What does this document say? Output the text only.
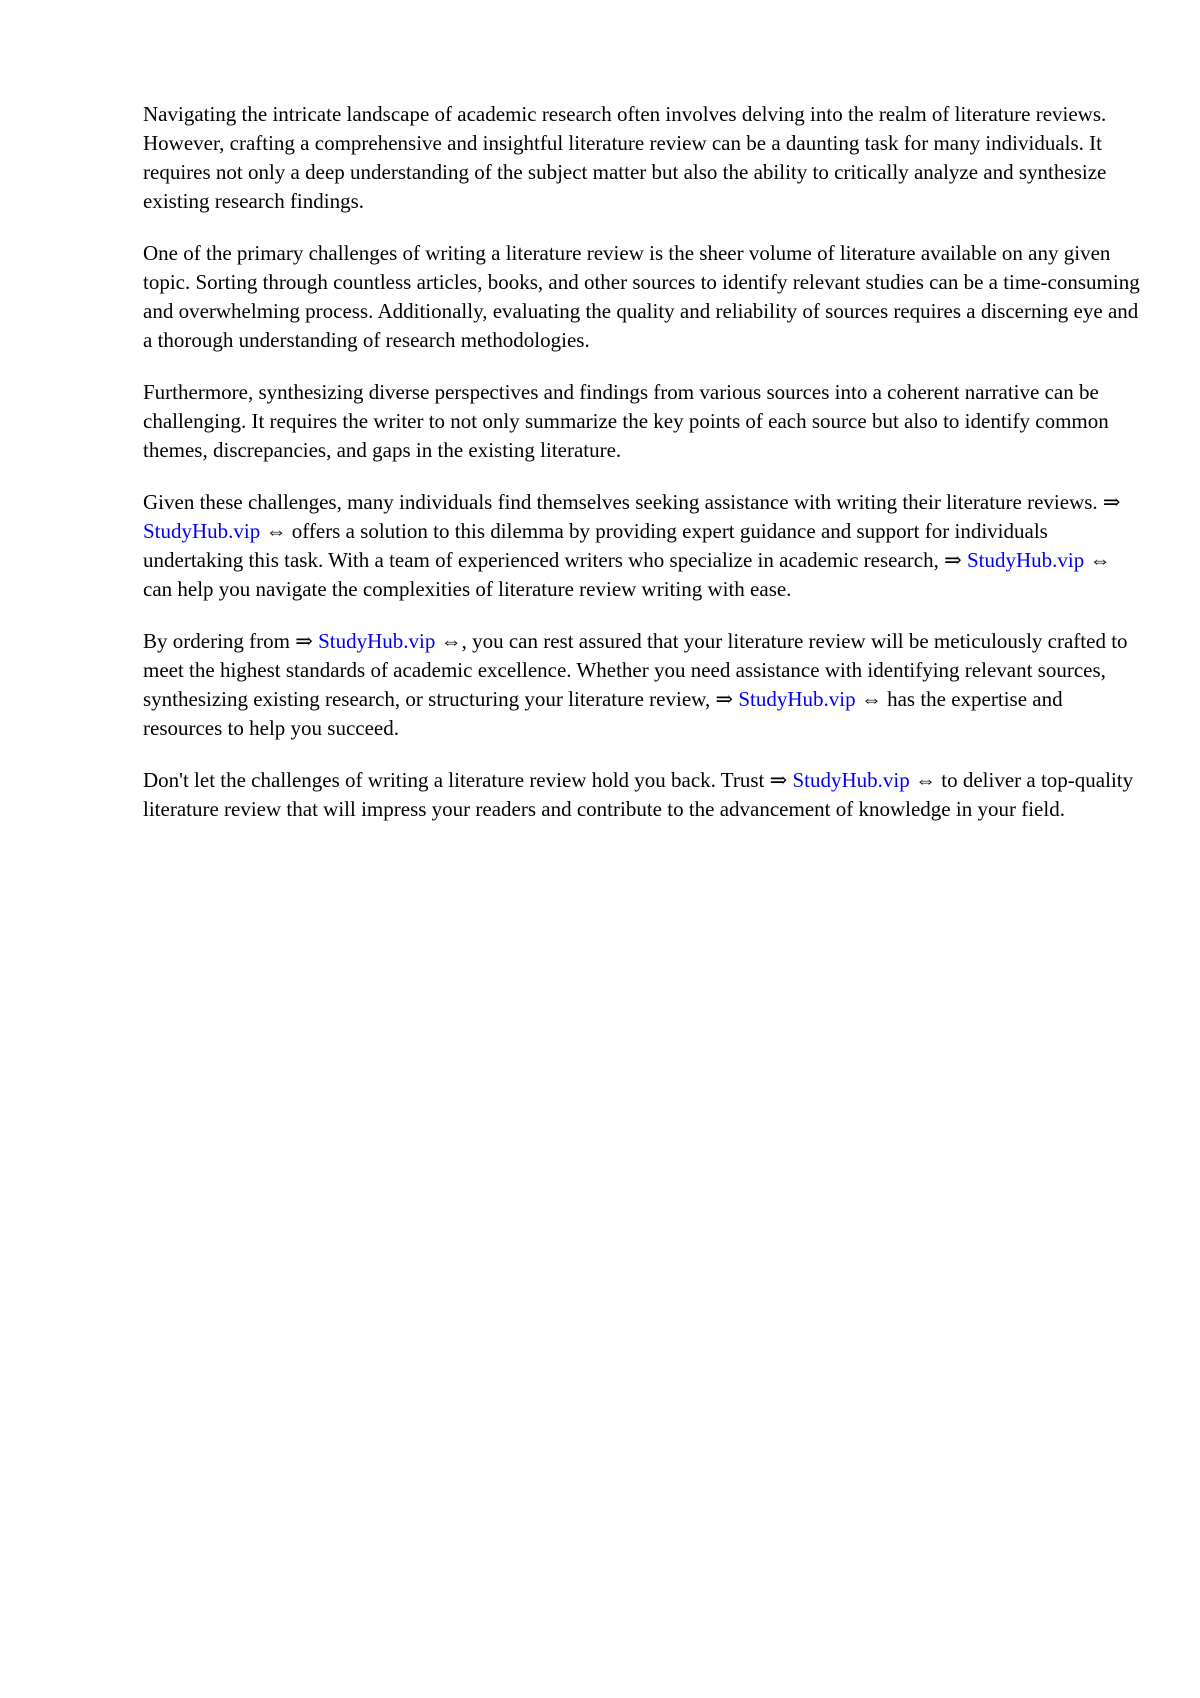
Navigating the intricate landscape of academic research often involves delving into the realm of literature reviews. However, crafting a comprehensive and insightful literature review can be a daunting task for many individuals. It requires not only a deep understanding of the subject matter but also the ability to critically analyze and synthesize existing research findings.

One of the primary challenges of writing a literature review is the sheer volume of literature available on any given topic. Sorting through countless articles, books, and other sources to identify relevant studies can be a time-consuming and overwhelming process. Additionally, evaluating the quality and reliability of sources requires a discerning eye and a thorough understanding of research methodologies.

Furthermore, synthesizing diverse perspectives and findings from various sources into a coherent narrative can be challenging. It requires the writer to not only summarize the key points of each source but also to identify common themes, discrepancies, and gaps in the existing literature.

Given these challenges, many individuals find themselves seeking assistance with writing their literature reviews. ⇒ StudyHub.vip ⇔ offers a solution to this dilemma by providing expert guidance and support for individuals undertaking this task. With a team of experienced writers who specialize in academic research, ⇒ StudyHub.vip ⇔ can help you navigate the complexities of literature review writing with ease.

By ordering from ⇒ StudyHub.vip ⇔, you can rest assured that your literature review will be meticulously crafted to meet the highest standards of academic excellence. Whether you need assistance with identifying relevant sources, synthesizing existing research, or structuring your literature review, ⇒ StudyHub.vip ⇔ has the expertise and resources to help you succeed.

Don't let the challenges of writing a literature review hold you back. Trust ⇒ StudyHub.vip ⇔ to deliver a top-quality literature review that will impress your readers and contribute to the advancement of knowledge in your field.
